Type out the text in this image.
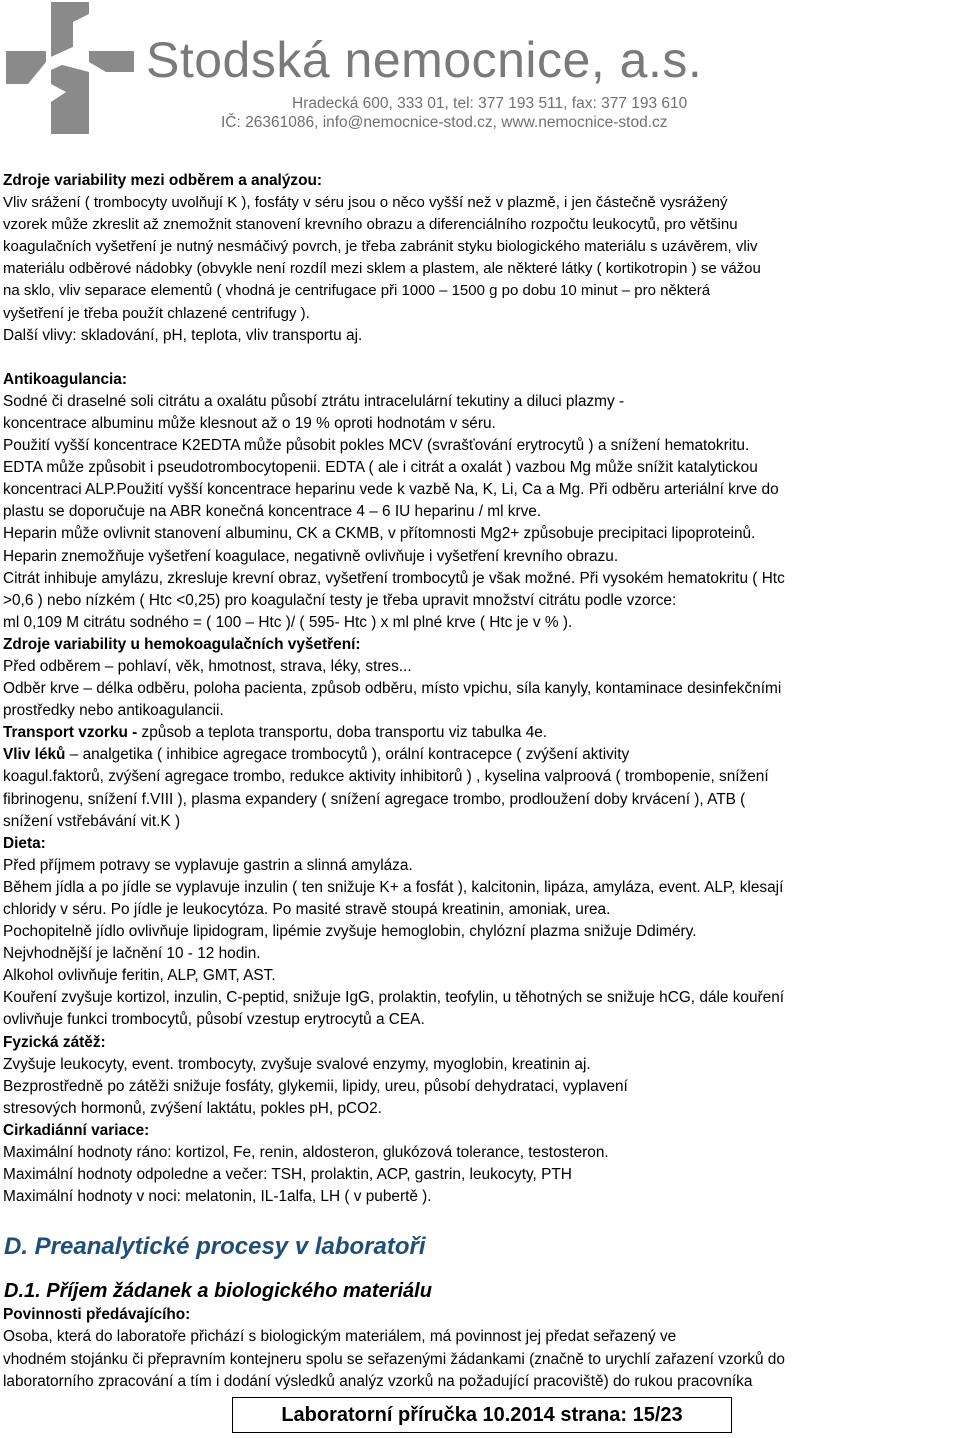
Stodská nemocnice, a.s.
Hradecká 600, 333 01, tel: 377 193 511, fax: 377 193 610
IČ: 26361086, info@nemocnice-stod.cz, www.nemocnice-stod.cz
Zdroje variability mezi odběrem a analýzou:
Vliv srážení ( trombocyty uvolňují K ), fosfáty v séru jsou o něco vyšší než v plazmě, i jen částečně vysrážený
vzorek může zkreslit až znemožnit stanovení krevního obrazu a diferenciálního rozpočtu leukocytů, pro většinu
koagulačních vyšetření je nutný nesmáčivý povrch, je třeba zabránit styku biologického materiálu s uzávěrem, vliv
materiálu odběrové nádobky (obvykle není rozdíl mezi sklem a plastem, ale některé látky ( kortikotropin ) se vážou
na sklo, vliv separace elementů ( vhodná je centrifugace při 1000 – 1500 g po dobu 10 minut – pro některá
vyšetření je třeba použít chlazené centrifugy ).
Další vlivy: skladování, pH, teplota, vliv transportu aj.
Antikoagulancia:
Sodné či draselné soli citrátu a oxalátu působí ztrátu intracelulární tekutiny a diluci plazmy -
koncentrace albuminu může klesnout až o 19 % oproti hodnotám v séru.
Použití vyšší koncentrace K2EDTA může působit pokles MCV (svrašťování erytrocytů ) a snížení hematokritu.
EDTA může způsobit i pseudotrombocytopenii. EDTA ( ale i citrát a oxalát ) vazbou Mg může snížit katalytickou
koncentraci ALP.Použití vyšší koncentrace heparinu vede k vazbě Na, K, Li, Ca a Mg. Při odběru arteriální krve do
plastu se doporučuje na ABR konečná koncentrace 4 – 6 IU heparinu / ml krve.
Heparin může ovlivnit stanovení albuminu, CK a CKMB, v přítomnosti Mg2+ způsobuje precipitaci lipoproteinů.
Heparin znemožňuje vyšetření koagulace, negativně ovlivňuje i vyšetření krevního obrazu.
Citrát inhibuje amylázu, zkresluje krevní obraz, vyšetření trombocytů je však možné. Při vysokém hematokritu ( Htc
>0,6 ) nebo nízkém ( Htc <0,25) pro koagulační testy je třeba upravit množství citrátu podle vzorce:
ml 0,109 M citrátu sodného = ( 100 – Htc )/ ( 595- Htc ) x ml plné krve ( Htc je v % ).
Zdroje variability u hemokoagulačních vyšetření:
Před odběrem – pohlaví, věk, hmotnost, strava, léky, stres...
Odběr krve – délka odběru, poloha pacienta, způsob odběru, místo vpichu, síla kanyly, kontaminace desinfekčními
prostředky nebo antikoagulancii.
Transport vzorku - způsob a teplota transportu, doba transportu viz tabulka 4e.
Vliv léků – analgetika ( inhibice agregace trombocytů ), orální kontracepce ( zvýšení aktivity
koagul.faktorů, zvýšení agregace trombo, redukce aktivity inhibitorů ) , kyselina valproová ( trombopenie, snížení
fibrinogenu, snížení f.VIII ), plasma expandery ( snížení agregace trombo, prodloužení doby krvácení ), ATB (
snížení vstřebávání vit.K )
Dieta:
Před příjmem potravy se vyplavuje gastrin a slinná amyláza.
Během jídla a po jídle se vyplavuje inzulin ( ten snižuje K+ a fosfát ), kalcitonin, lipáza, amyláza, event. ALP, klesají
chloridy v séru. Po jídle je leukocytóza. Po masité stravě stoupá kreatinin, amoniak, urea.
Pochopitelně jídlo ovlivňuje lipidogram, lipémie zvyšuje hemoglobin, chylózní plazma snižuje Ddiméry.
Nejvhodnější je lačnění 10 - 12 hodin.
Alkohol ovlivňuje feritin, ALP, GMT, AST.
Kouření zvyšuje kortizol, inzulin, C-peptid, snižuje IgG, prolaktin, teofylin, u těhotných se snižuje hCG, dále kouření
ovlivňuje funkci trombocytů, působí vzestup erytrocytů a CEA.
Fyzická zátěž:
Zvyšuje leukocyty, event. trombocyty, zvyšuje svalové enzymy, myoglobin, kreatinin aj.
Bezprostředně po zátěži snižuje fosfáty, glykemii, lipidy, ureu, působí dehydrataci, vyplavení
stresových hormonů, zvýšení laktátu, pokles pH, pCO2.
Cirkadiánní variace:
Maximální hodnoty ráno: kortizol, Fe, renin, aldosteron, glukózová tolerance, testosteron.
Maximální hodnoty odpoledne a večer: TSH, prolaktin, ACP, gastrin, leukocyty, PTH
Maximální hodnoty v noci: melatonin, IL-1alfa, LH ( v pubertě ).
D. Preanalytické procesy v laboratoři
D.1. Příjem žádanek a biologického materiálu
Povinnosti předávajícího:
Osoba, která do laboratoře přichází s biologickým materiálem, má povinnost jej předat seřazený ve
vhodném stojánku či přepravním kontejneru spolu se seřazenými žádankami (značně to urychlí zařazení vzorků do
laboratorního zpracování a tím i dodání výsledků analýz vzorků na požadující pracoviště) do rukou pracovníka
Laboratorní příručka 10.2014 strana: 15/23
